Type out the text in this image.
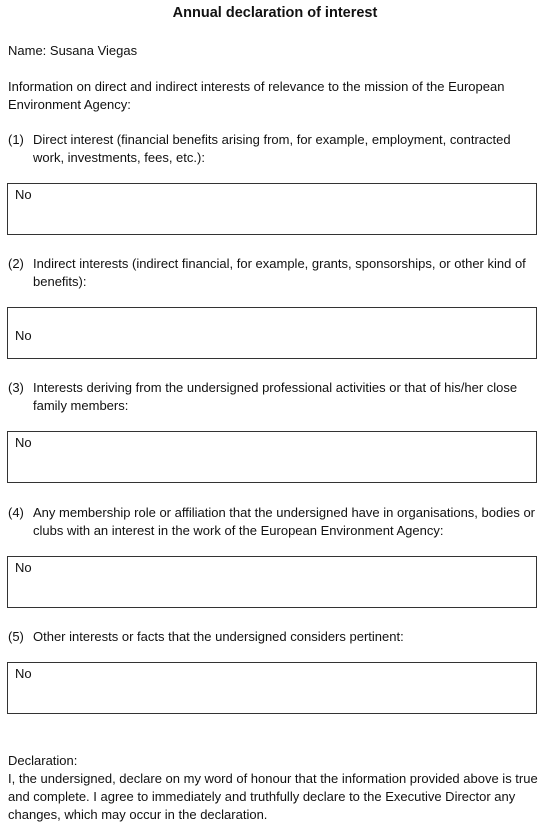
Annual declaration of interest
Name: Susana Viegas
Information on direct and indirect interests of relevance to the mission of the European Environment Agency:
(1) Direct interest (financial benefits arising from, for example, employment, contracted work, investments, fees, etc.):
No
(2) Indirect interests (indirect financial, for example, grants, sponsorships, or other kind of benefits):
No
(3) Interests deriving from the undersigned professional activities or that of his/her close family members:
No
(4) Any membership role or affiliation that the undersigned have in organisations, bodies or clubs with an interest in the work of the European Environment Agency:
No
(5) Other interests or facts that the undersigned considers pertinent:
No
Declaration:
I, the undersigned, declare on my word of honour that the information provided above is true and complete. I agree to immediately and truthfully declare to the Executive Director any changes, which may occur in the declaration.
